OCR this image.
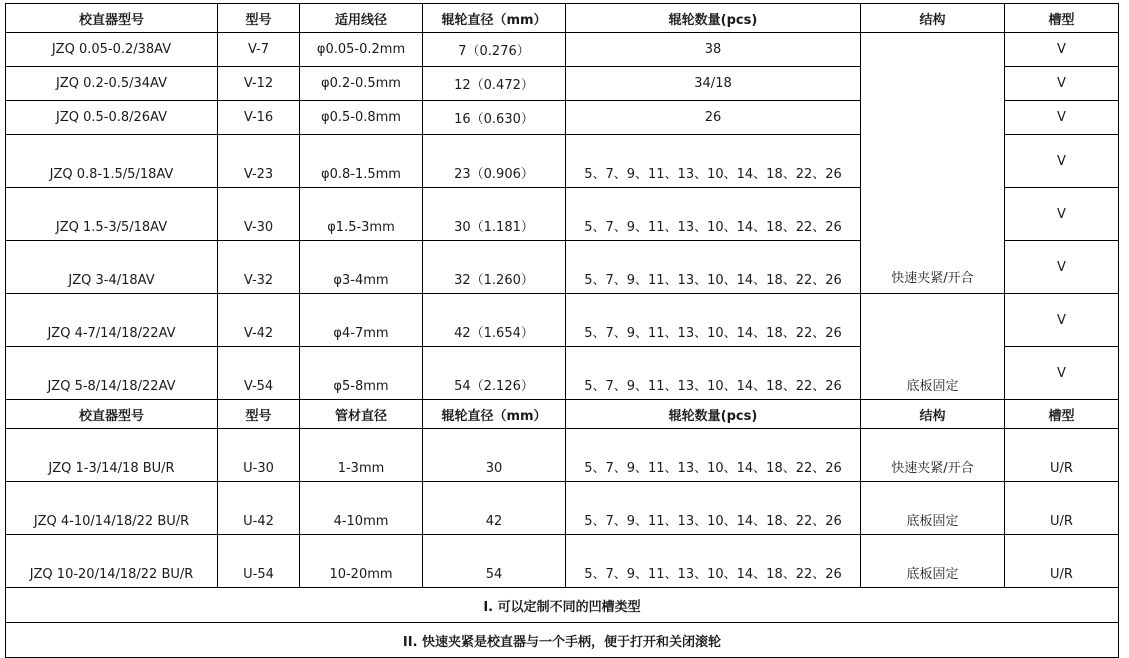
校直器型号	型号	适用线径	辊轮直径（mm）	辊轮数量(pcs)	结构	槽型
JZQ 0.05-0.2/38AV	V-7	φ0.05-0.2mm	7（0.276）	38	快速夹紧/开合	V
JZQ 0.2-0.5/34AV	V-12	φ0.2-0.5mm	12（0.472）	34/18		V
JZQ 0.5-0.8/26AV	V-16	φ0.5-0.8mm	16（0.630）	26		V
JZQ 0.8-1.5/5/18AV	V-23	φ0.8-1.5mm	23（0.906）	5、7、9、11、13、10、14、18、22、26		V
JZQ 1.5-3/5/18AV	V-30	φ1.5-3mm	30（1.181）	5、7、9、11、13、10、14、18、22、26		V
JZQ 3-4/18AV	V-32	φ3-4mm	32（1.260）	5、7、9、11、13、10、14、18、22、26		V
JZQ 4-7/14/18/22AV	V-42	φ4-7mm	42（1.654）	5、7、9、11、13、10、14、18、22、26	底板固定	V
JZQ 5-8/14/18/22AV	V-54	φ5-8mm	54（2.126）	5、7、9、11、13、10、14、18、22、26		V
校直器型号	型号	管材直径	辊轮直径（mm）	辊轮数量(pcs)	结构	槽型
JZQ 1-3/14/18 BU/R	U-30	1-3mm	30	5、7、9、11、13、10、14、18、22、26	快速夹紧/开合	U/R
JZQ 4-10/14/18/22 BU/R	U-42	4-10mm	42	5、7、9、11、13、10、14、18、22、26	底板固定	U/R
JZQ 10-20/14/18/22 BU/R	U-54	10-20mm	54	5、7、9、11、13、10、14、18、22、26	底板固定	U/R
I. 可以定制不同的凹槽类型						
II. 快速夹紧是校直器与一个手柄，便于打开和关闭滚轮						
